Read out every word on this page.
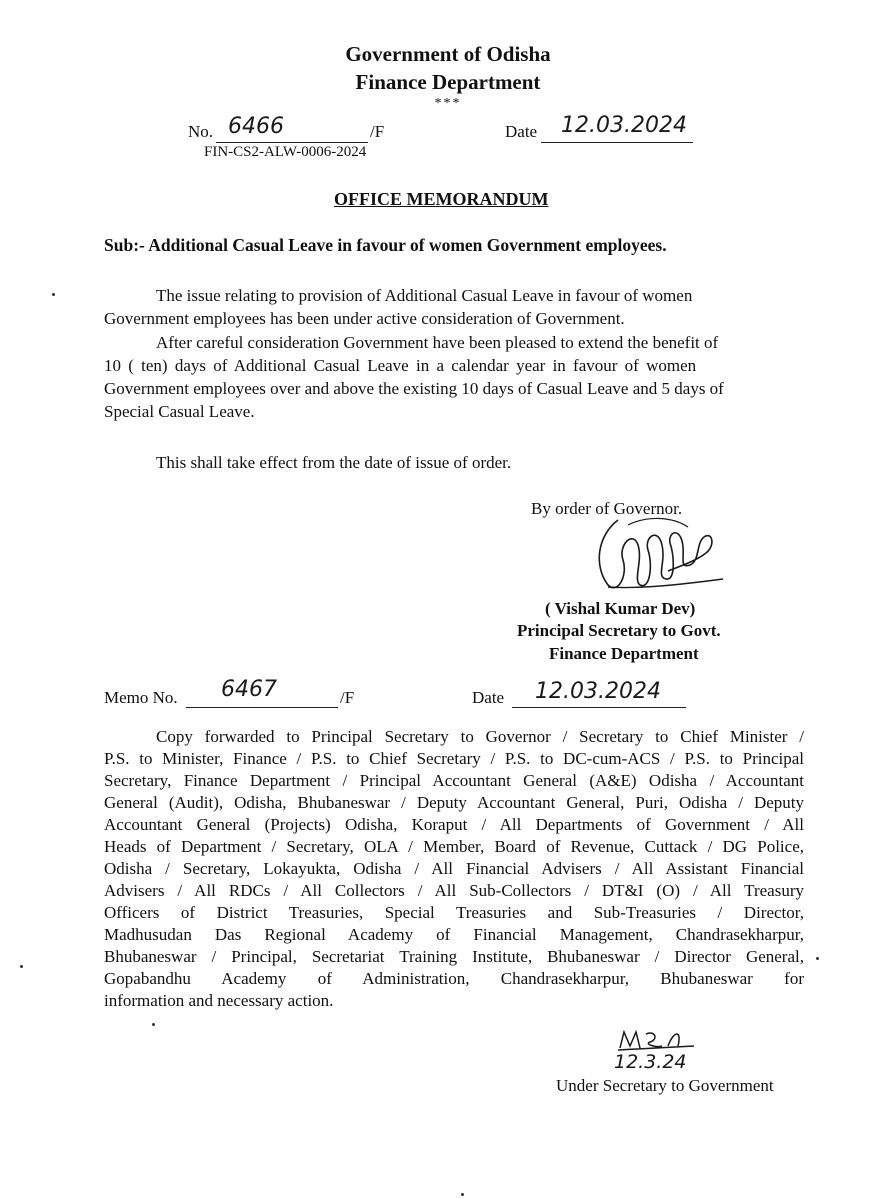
Government of Odisha
Finance Department
***
No. 6466	/F
FIN-CS2-ALW-0006-2024
Date 12.03.2024
OFFICE MEMORANDUM
Sub:- Additional Casual Leave in favour of women Government employees.
The issue relating to provision of Additional Casual Leave in favour of women
Government employees has been under active consideration of Government.
After careful consideration Government have been pleased to extend the benefit of
10 ( ten) days of Additional Casual Leave in a calendar year in favour of women
Government employees over and above the existing 10 days of Casual Leave and 5 days of
Special Casual Leave.
This shall take effect from the date of issue of order.
By order of Governor.
( Vishal Kumar Dev)
Principal Secretary to Govt.
Finance Department
Memo No. 6467	/F	Date 12.03.2024
Copy forwarded to Principal Secretary to Governor / Secretary to Chief Minister /
P.S. to Minister, Finance / P.S. to Chief Secretary / P.S. to DC-cum-ACS / P.S. to Principal
Secretary, Finance Department / Principal Accountant General (A&E) Odisha / Accountant
General (Audit), Odisha, Bhubaneswar / Deputy Accountant General, Puri, Odisha / Deputy
Accountant General (Projects) Odisha, Koraput / All Departments of Government / All
Heads of Department / Secretary, OLA / Member, Board of Revenue, Cuttack / DG Police,
Odisha / Secretary, Lokayukta, Odisha / All Financial Advisers / All Assistant Financial
Advisers / All RDCs / All Collectors / All Sub-Collectors / DT&I (O) / All Treasury
Officers of District Treasuries, Special Treasuries and Sub-Treasuries / Director,
Madhusudan Das Regional Academy of Financial Management, Chandrasekharpur,
Bhubaneswar / Principal, Secretariat Training Institute, Bhubaneswar / Director General,
Gopabandhu Academy of Administration, Chandrasekharpur, Bhubaneswar for
information and necessary action.
12.3.24
Under Secretary to Government
